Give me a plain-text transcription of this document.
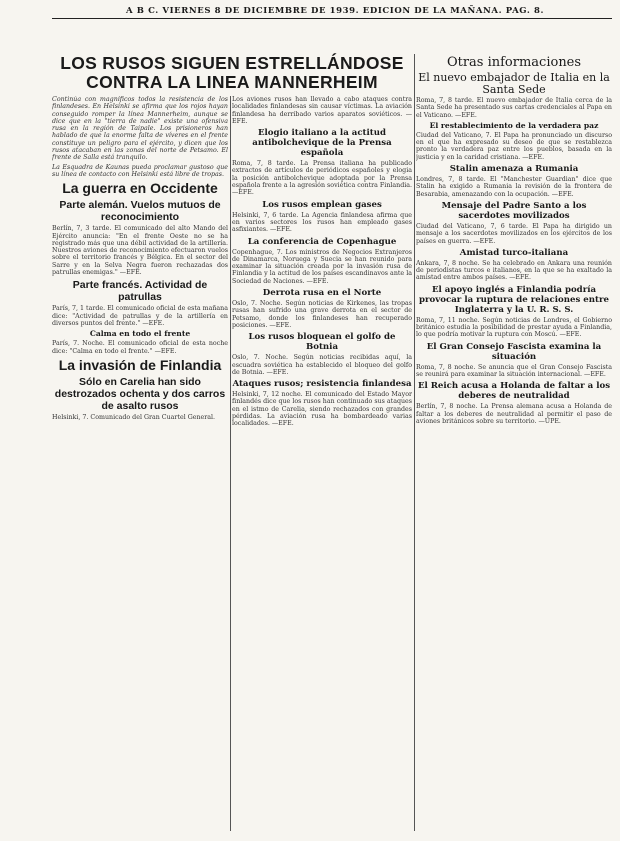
A B C. VIERNES 8 DE DICIEMBRE DE 1939. EDICION DE LA MAÑANA. PAG. 8.
LOS RUSOS SIGUEN ESTRELLÁNDOSE
CONTRA LA LINEA MANNERHEIM

Continúa con magníficos todos la resistencia de los finlandeses. En Helsinki se afirma que los rojos hayan conseguido romper la línea Mannerheim, aunque se dice que en la "tierra de nadie" existe una ofensiva rusa en la región de Taipale. Los prisioneros han hablado de que la enorme falta de víveres en el frente constituye un peligro para el ejército, y dicen que los rusos atacaban en las zonas del norte de Petsamo. El frente de Salla está tranquilo.

La Esquadra de Kaunas pueda proclamar gustoso que su línea de contacto con Helsinki está libre de tropas.

La guerra en Occidente
Parte alemán. Vuelos mutuos de reconocimiento

Berlín, 7, 3 tarde. El comunicado del alto Mando del Ejército anuncia: "En el frente Oeste no se ha registrado más que una débil actividad de la artillería. Nuestros aviones de reconocimiento efectuaron vuelos sobre el territorio francés y Bélgica. En el sector del Sarre y en la Selva Negra fueron rechazadas dos patrullas enemigas." —EFE.

Parte francés. Actividad de patrullas

París, 7, 1 tarde. El comunicado oficial de esta mañana dice: "Actividad de patrullas y de la artillería en diversos puntos del frente." —EFE.

Calma en todo el frente

París, 7. Noche. El comunicado oficial de esta noche dice: "Calma en todo el frente." —EFE.

La invasión de Finlandia
Sólo en Carelia han sido destrozados ochenta y dos carros de asalto rusos

Helsinki, 7. Comunicado del Gran Cuartel General.

Los aviones rusos han llevado a cabo ataques contra localidades finlandesas sin causar víctimas. La aviación finlandesa ha derribado varios aparatos soviéticos. —EFE.

Elogio italiano a la actitud antibolchevique de la Prensa española

Roma, 7, 8 tarde. La Prensa italiana ha publicado extractos de artículos de periódicos españoles y elogia la posición antibolchevique adoptada por la Prensa española frente a la agresión soviética contra Finlandia. —EFE.

Los rusos emplean gases

Helsinki, 7, 6 tarde. La Agencia finlandesa afirma que en varios sectores los rusos han empleado gases asfixiantes. —EFE.

La conferencia de Copenhague

Copenhague, 7. Los ministros de Negocios Extranjeros de Dinamarca, Noruega y Suecia se han reunido para examinar la situación creada por la invasión rusa de Finlandia y la actitud de los países escandinavos ante la Sociedad de Naciones. —EFE.

Derrota rusa en el Norte

Oslo, 7. Noche. Según noticias de Kirkenes, las tropas rusas han sufrido una grave derrota en el sector de Petsamo, donde los finlandeses han recuperado posiciones. —EFE.

Los rusos bloquean el golfo de Botnia

Oslo, 7. Noche. Según noticias recibidas aquí, la escuadra soviética ha establecido el bloqueo del golfo de Botnia. —EFE.

Ataques rusos; resistencia finlandesa

Helsinki, 7, 12 noche. El comunicado del Estado Mayor finlandés dice que los rusos han continuado sus ataques en el istmo de Carelia, siendo rechazados con grandes pérdidas. La aviación rusa ha bombardeado varias localidades. —EFE.

Otras informaciones
El nuevo embajador de Italia en la Santa Sede

Roma, 7, 8 tarde. El nuevo embajador de Italia cerca de la Santa Sede ha presentado sus cartas credenciales al Papa en el Vaticano. —EFE.

El restablecimiento de la verdadera paz

Ciudad del Vaticano, 7. El Papa ha pronunciado un discurso en el que ha expresado su deseo de que se restablezca pronto la verdadera paz entre los pueblos, basada en la justicia y en la caridad cristiana. —EFE.

Stalin amenaza a Rumania

Londres, 7, 8 tarde. El "Manchester Guardian" dice que Stalin ha exigido a Rumania la revisión de la frontera de Besarabia, amenazando con la ocupación. —EFE.

Mensaje del Padre Santo a los sacerdotes movilizados

Ciudad del Vaticano, 7, 6 tarde. El Papa ha dirigido un mensaje a los sacerdotes movilizados en los ejércitos de los países en guerra. —EFE.

Amistad turco-italiana

Ankara, 7, 8 noche. Se ha celebrado en Ankara una reunión de periodistas turcos e italianos, en la que se ha exaltado la amistad entre ambos países. —EFE.

El apoyo inglés a Finlandia podría provocar la ruptura de relaciones entre Inglaterra y la U. R. S. S.

Roma, 7, 11 noche. Según noticias de Londres, el Gobierno británico estudia la posibilidad de prestar ayuda a Finlandia, lo que podría motivar la ruptura con Moscú. —EFE.

El Gran Consejo Fascista examina la situación

Roma, 7, 8 noche. Se anuncia que el Gran Consejo Fascista se reunirá para examinar la situación internacional. —EFE.

El Reich acusa a Holanda de faltar a los deberes de neutralidad

Berlín, 7, 8 noche. La Prensa alemana acusa a Holanda de faltar a los deberes de neutralidad al permitir el paso de aviones británicos sobre su territorio. —UPE.
